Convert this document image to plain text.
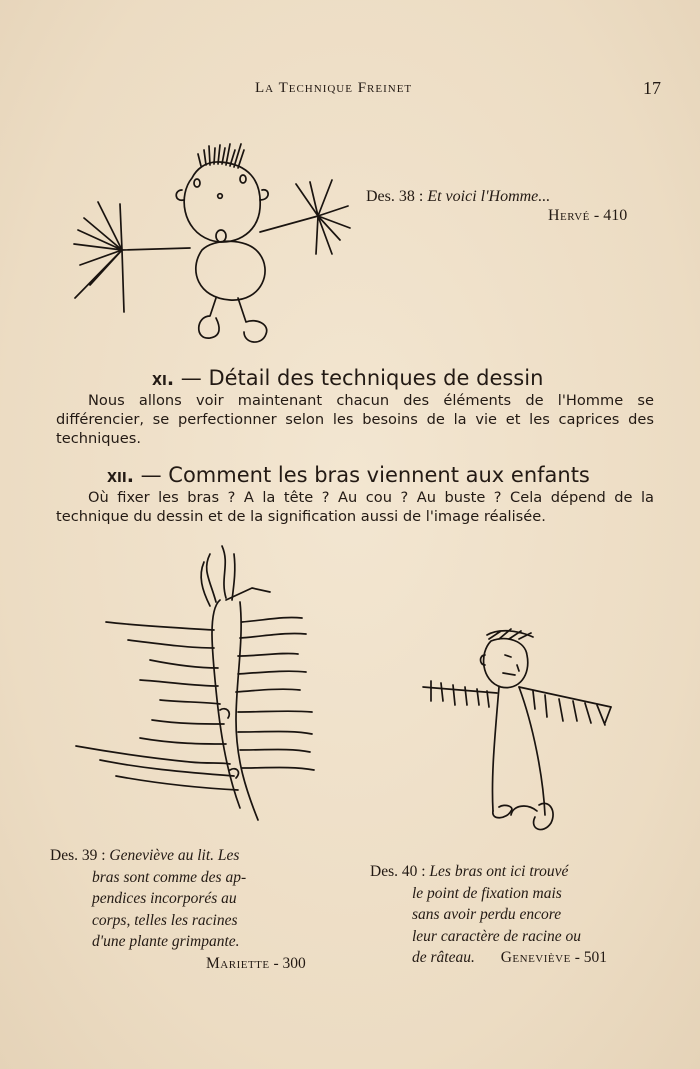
La Technique Freinet	17
Des. 38 : Et voici l'Homme...
Hervé - 410
xi. — Détail des techniques de dessin
Nous allons voir maintenant chacun des éléments de l'Homme se différencier, se perfectionner selon les besoins de la vie et les caprices des techniques.
xii. — Comment les bras viennent aux enfants
Où fixer les bras ? A la tête ? Au cou ? Au buste ? Cela dépend de la technique du dessin et de la signification aussi de l'image réalisée.
Des. 39 : Geneviève au lit. Les
bras sont comme des ap-
pendices incorporés au
corps, telles les racines
d'une plante grimpante.
Mariette - 300
Des. 40 : Les bras ont ici trouvé
le point de fixation mais
sans avoir perdu encore
leur caractère de racine ou
de râteau. Geneviève - 501
